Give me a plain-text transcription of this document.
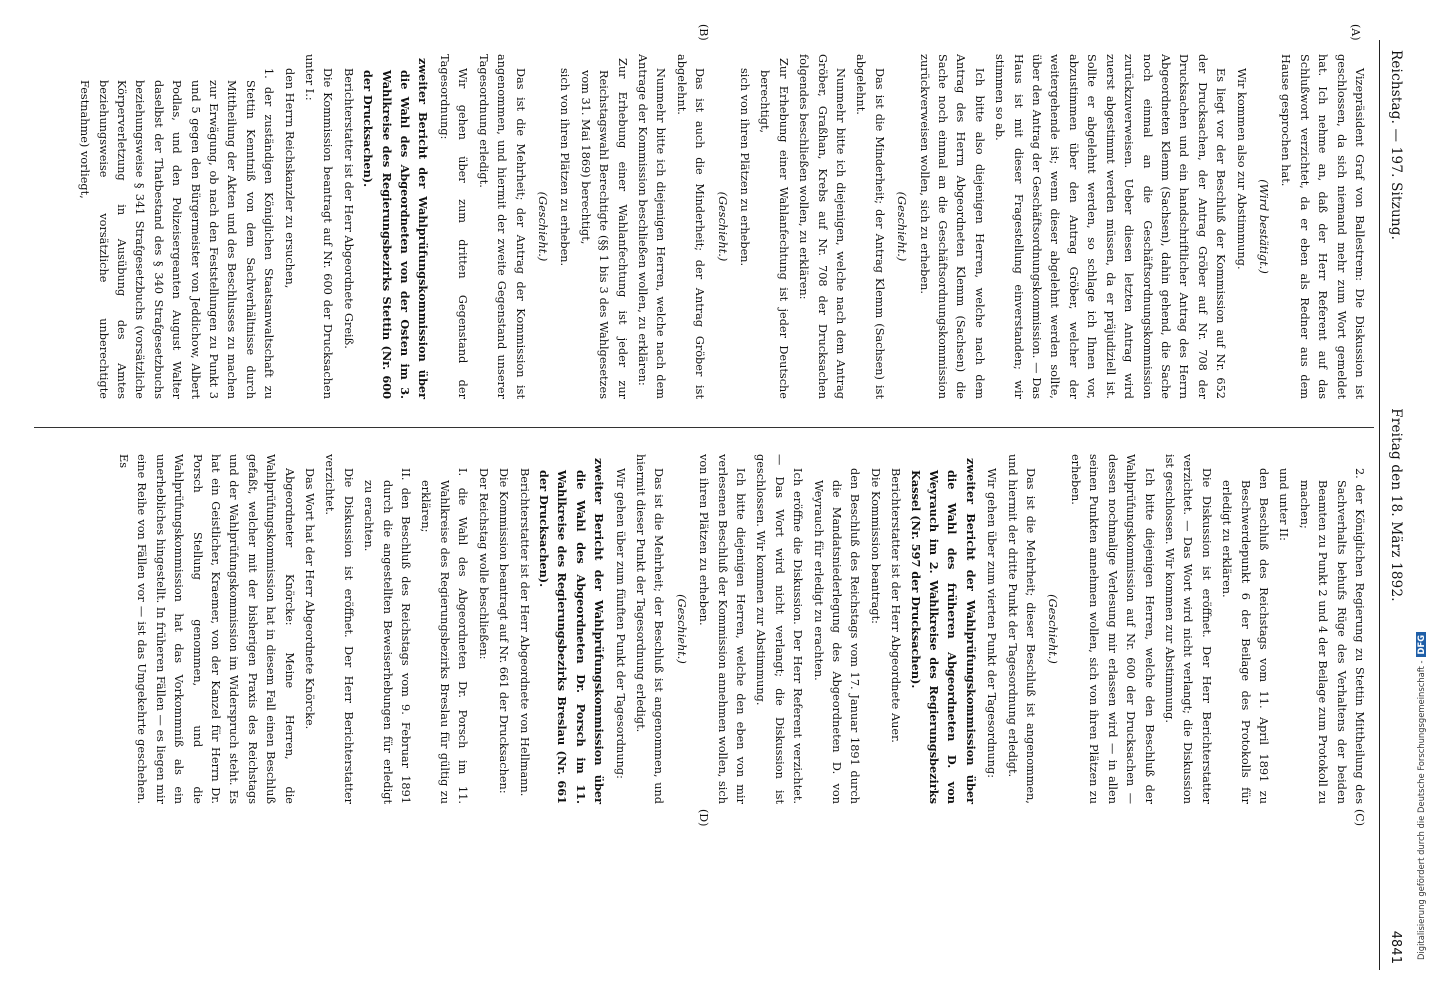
Reichstag. — 197. Sitzung.
Freitag den 18. März 1892.
4841
(A)
(B)
(C)
(D)

Vizepräsident Graf von Ballestrem: Die Diskussion ist geschlossen, da sich niemand mehr zum Wort gemeldet hat. Ich nehme an, daß der Herr Referent auf das Schlußwort verzichtet, da er eben als Redner aus dem Hause gesprochen hat.

(Wird bestätigt.)

Wir kommen also zur Abstimmung.

Es liegt vor der Beschluß der Kommission auf Nr. 652 der Drucksachen, der Antrag Gröber auf Nr. 708 der Drucksachen und ein handschriftlicher Antrag des Herrn Abgeordneten Klemm (Sachsen), dahin gehend, die Sache noch einmal an die Geschäftsordnungskommission zurückzuverweisen. Ueber diesen letzten Antrag wird zuerst abgestimmt werden müssen, da er präjudiziell ist. Sollte er abgelehnt werden, so schlage ich Ihnen vor, abzustimmen über den Antrag Gröber, welcher der weitergehende ist; wenn dieser abgelehnt werden sollte, über den Antrag der Geschäftsordnungskommission. — Das Haus ist mit dieser Fragestellung einverstanden; wir stimmen so ab.

Ich bitte also diejenigen Herren, welche nach dem Antrag des Herrn Abgeordneten Klemm (Sachsen) die Sache noch einmal an die Geschäftsordnungskommission zurückverweisen wollen, sich zu erheben.

(Geschieht.)

Das ist die Minderheit; der Antrag Klemm (Sachsen) ist abgelehnt.

Nunmehr bitte ich diejenigen, welche nach dem Antrag Gröber, Graßhan, Krebs auf Nr. 708 der Drucksachen folgendes beschließen wollen, zu erklären:

Zur Erhebung einer Wahlanfechtung ist jeder Deutsche berechtigt,

sich von ihren Plätzen zu erheben.

(Geschieht.)

Das ist auch die Minderheit; der Antrag Gröber ist abgelehnt.

Nunmehr bitte ich diejenigen Herren, welche nach dem Antrage der Kommission beschließen wollen, zu erklären:

Zur Erhebung einer Wahlanfechtung ist jeder zur Reichstagswahl Berechtigte (§§ 1 bis 3 des Wahlgesetzes vom 31. Mai 1869) berechtigt,

sich von ihren Plätzen zu erheben.

(Geschieht.)

Das ist die Mehrheit; der Antrag der Kommission ist angenommen, und hiermit der zweite Gegenstand unserer Tagesordnung erledigt.

Wir gehen über zum dritten Gegenstand der Tagesordnung:

zweiter Bericht der Wahlprüfungskommission über die Wahl des Abgeordneten von der Osten im 3. Wahlkreise des Regierungsbezirks Stettin (Nr. 600 der Drucksachen).

Berichterstatter ist der Herr Abgeordnete Greiß.

Die Kommission beantragt auf Nr. 600 der Drucksachen unter I.:

den Herrn Reichskanzler zu ersuchen,

1. der zuständigen Königlichen Staatsanwaltschaft zu Stettin Kenntniß von dem Sachverhältnisse durch Mittheilung der Akten und des Beschlusses zu machen zur Erwägung, ob nach den Feststellungen zu Punkt 3 und 5 gegen den Bürgermeister von Jeddichow, Albert Podlas, und den Polizeisergeanten August Walter daselbst der Thatbestand des § 340 Strafgesetzbuchs beziehungsweise § 341 Strafgesetzbuchs (vorsätzliche Körperverletzung in Ausübung des Amtes beziehungsweise vorsätzliche unberechtigte Festnahme) vorliegt,

2. der Königlichen Regierung zu Stettin Mittheilung des Sachverhalts behufs Rüge des Verhaltens der beiden Beamten zu Punkt 2 und 4 der Beilage zum Protokoll zu machen;

und unter II:

den Beschluß des Reichstags vom 11. April 1891 zu Beschwerdepunkt 6 der Beilage des Protokolls für erledigt zu erklären.

Die Diskussion ist eröffnet. Der Herr Berichterstatter verzichtet. — Das Wort wird nicht verlangt; die Diskussion ist geschlossen. Wir kommen zur Abstimmung.

Ich bitte diejenigen Herren, welche den Beschluß der Wahlprüfungskommission auf Nr. 600 der Drucksachen — dessen nochmalige Verlesung mir erlassen wird — in allen seinen Punkten annehmen wollen, sich von ihren Plätzen zu erheben.

(Geschieht.)

Das ist die Mehrheit; dieser Beschluß ist angenommen, und hiermit der dritte Punkt der Tagesordnung erledigt.

Wir gehen über zum vierten Punkt der Tagesordnung:

zweiter Bericht der Wahlprüfungskommission über die Wahl des früheren Abgeordneten D. von Weyrauch im 2. Wahlkreise des Regierungsbezirks Kassel (Nr. 597 der Drucksachen).

Berichterstatter ist der Herr Abgeordnete Auer.

Die Kommission beantragt:

den Beschluß des Reichstags vom 17. Januar 1891 durch die Mandatsniederlegung des Abgeordneten D. von Weyrauch für erledigt zu erachten.

Ich eröffne die Diskussion. Der Herr Referent verzichtet. — Das Wort wird nicht verlangt; die Diskussion ist geschlossen. Wir kommen zur Abstimmung.

Ich bitte diejenigen Herren, welche den eben von mir verlesenen Beschluß der Kommission annehmen wollen, sich von ihren Plätzen zu erheben.

(Geschieht.)

Das ist die Mehrheit; der Beschluß ist angenommen, und hiermit dieser Punkt der Tagesordnung erledigt.

Wir gehen über zum fünften Punkt der Tagesordnung:

zweiter Bericht der Wahlprüfungskommission über die Wahl des Abgeordneten Dr. Porsch im 11. Wahlkreise des Regierungsbezirks Breslau (Nr. 661 der Drucksachen).

Berichterstatter ist der Herr Abgeordnete von Hellmann.

Die Kommission beantragt auf Nr. 661 der Drucksachen:

Der Reichstag wolle beschließen:

I. die Wahl des Abgeordneten Dr. Porsch im 11. Wahlkreise des Regierungsbezirks Breslau für gültig zu erklären;

II. den Beschluß des Reichstags vom 9. Februar 1891 durch die angestellten Beweiserhebungen für erledigt zu erachten.

Die Diskussion ist eröffnet. Der Herr Berichterstatter verzichtet.

Das Wort hat der Herr Abgeordnete Knörcke.

Abgeordneter Knörcke: Meine Herren, die Wahlprüfungskommission hat in diesem Fall einen Beschluß gefaßt, welcher mit der bisherigen Praxis des Reichstags und der Wahlprüfungskommission im Widerspruch steht. Es hat ein Geistlicher, Kraemer, von der Kanzel für Herrn Dr. Porsch Stellung genommen, und die Wahlprüfungskommission hat das Vorkommniß als ein unerhebliches hingestellt. In früheren Fällen — es liegen mir eine Reihe von Fällen vor — ist das Umgekehrte geschehen. Es

Digitalisierung gefördert durch die Deutsche Forschungsgemeinschaft -DFG
